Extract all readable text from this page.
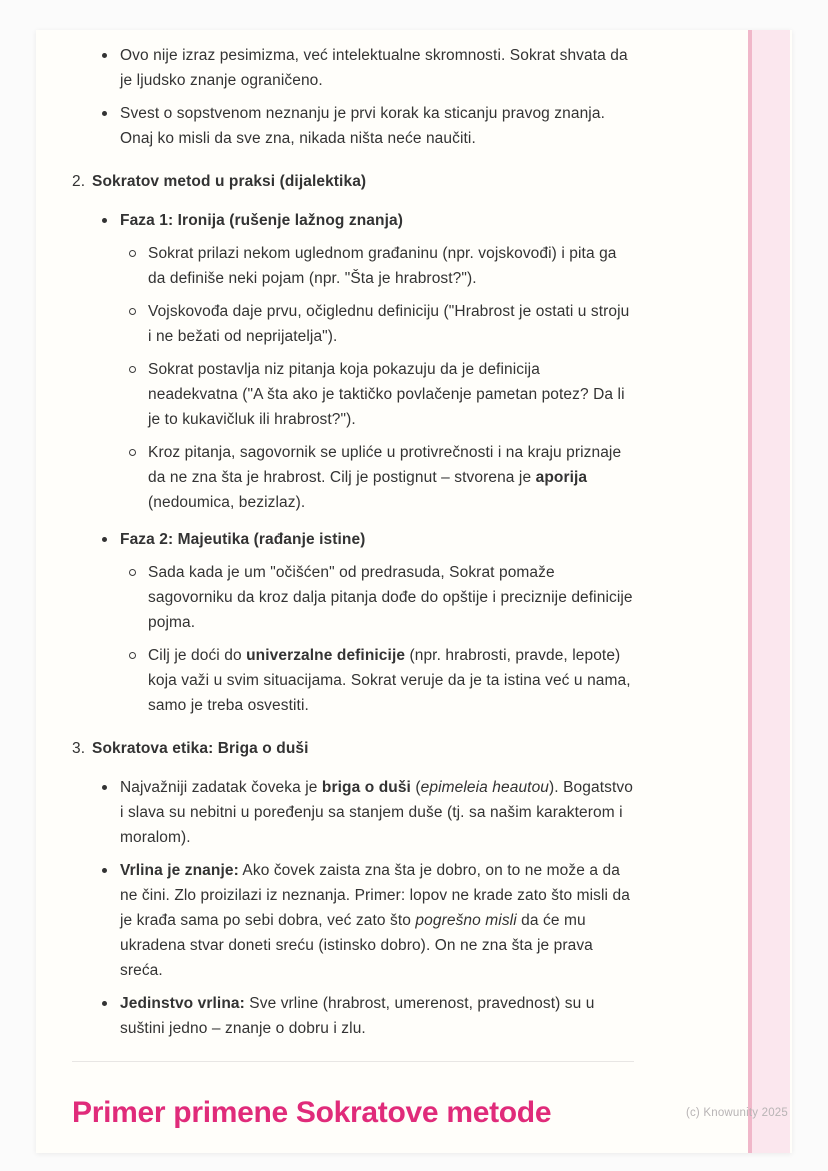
Ovo nije izraz pesimizma, već intelektualne skromnosti. Sokrat shvata da je ljudsko znanje ograničeno.
Svest o sopstvenom neznanju je prvi korak ka sticanju pravog znanja. Onaj ko misli da sve zna, nikada ništa neće naučiti.
2. Sokratov metod u praksi (dijalektika)
Faza 1: Ironija (rušenje lažnog znanja)
Sokrat prilazi nekom uglednom građaninu (npr. vojskovođi) i pita ga da definiše neki pojam (npr. "Šta je hrabrost?").
Vojskovođa daje prvu, očiglednu definiciju ("Hrabrost je ostati u stroju i ne bežati od neprijatelja").
Sokrat postavlja niz pitanja koja pokazuju da je definicija neadekvatna ("A šta ako je taktičko povlačenje pametan potez? Da li je to kukavičluk ili hrabrost?").
Kroz pitanja, sagovornik se upliće u protivrečnosti i na kraju priznaje da ne zna šta je hrabrost. Cilj je postignut – stvorena je aporija (nedoumica, bezizlaz).
Faza 2: Majeutika (rađanje istine)
Sada kada je um "očišćen" od predrasuda, Sokrat pomaže sagovorniku da kroz dalja pitanja dođe do opštije i preciznije definicije pojma.
Cilj je doći do univerzalne definicije (npr. hrabrosti, pravde, lepote) koja važi u svim situacijama. Sokrat veruje da je ta istina već u nama, samo je treba osvestiti.
3. Sokratova etika: Briga o duši
Najvažniji zadatak čoveka je briga o duši (epimeleia heautou). Bogatstvo i slava su nebitni u poređenju sa stanjem duše (tj. sa našim karakterom i moralom).
Vrlina je znanje: Ako čovek zaista zna šta je dobro, on to ne može a da ne čini. Zlo proizilazi iz neznanja. Primer: lopov ne krade zato što misli da je krađa sama po sebi dobra, već zato što pogrešno misli da će mu ukradena stvar doneti sreću (istinsko dobro). On ne zna šta je prava sreća.
Jedinstvo vrlina: Sve vrline (hrabrost, umerenost, pravednost) su u suštini jedno – znanje o dobru i zlu.
Primer primene Sokratove metode	(c) Knowunity 2025
